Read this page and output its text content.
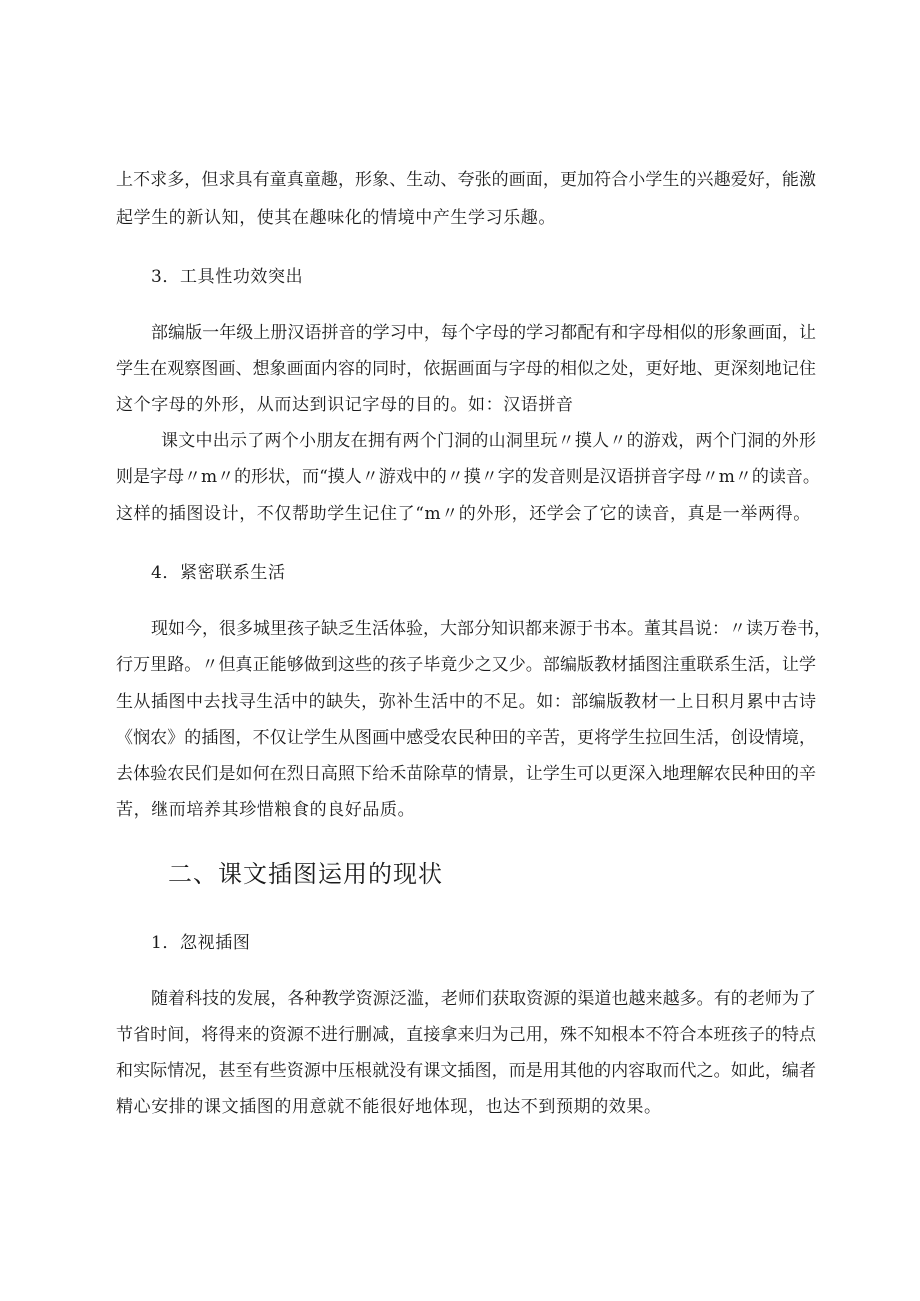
上不求多，但求具有童真童趣，形象、生动、夸张的画面，更加符合小学生的兴趣爱好，能激
起学生的新认知，使其在趣味化的情境中产生学习乐趣。
3．工具性功效突出
部编版一年级上册汉语拼音的学习中，每个字母的学习都配有和字母相似的形象画面，让
学生在观察图画、想象画面内容的同时，依据画面与字母的相似之处，更好地、更深刻地记住
这个字母的外形，从而达到识记字母的目的。如：汉语拼音
课文中出示了两个小朋友在拥有两个门洞的山洞里玩〃摸人〃的游戏，两个门洞的外形
则是字母〃m〃的形状，而“摸人〃游戏中的〃摸〃字的发音则是汉语拼音字母〃m〃的读音。
这样的插图设计，不仅帮助学生记住了“m〃的外形，还学会了它的读音，真是一举两得。
4．紧密联系生活
现如今，很多城里孩子缺乏生活体验，大部分知识都来源于书本。董其昌说：〃读万卷书，
行万里路。〃但真正能够做到这些的孩子毕竟少之又少。部编版教材插图注重联系生活，让学
生从插图中去找寻生活中的缺失，弥补生活中的不足。如：部编版教材一上日积月累中古诗
《悯农》的插图，不仅让学生从图画中感受农民种田的辛苦，更将学生拉回生活，创设情境，
去体验农民们是如何在烈日高照下给禾苗除草的情景，让学生可以更深入地理解农民种田的辛
苦，继而培养其珍惜粮食的良好品质。
二、课文插图运用的现状
1．忽视插图
随着科技的发展，各种教学资源泛滥，老师们获取资源的渠道也越来越多。有的老师为了
节省时间，将得来的资源不进行删减，直接拿来归为己用，殊不知根本不符合本班孩子的特点
和实际情况，甚至有些资源中压根就没有课文插图，而是用其他的内容取而代之。如此，编者
精心安排的课文插图的用意就不能很好地体现，也达不到预期的效果。
